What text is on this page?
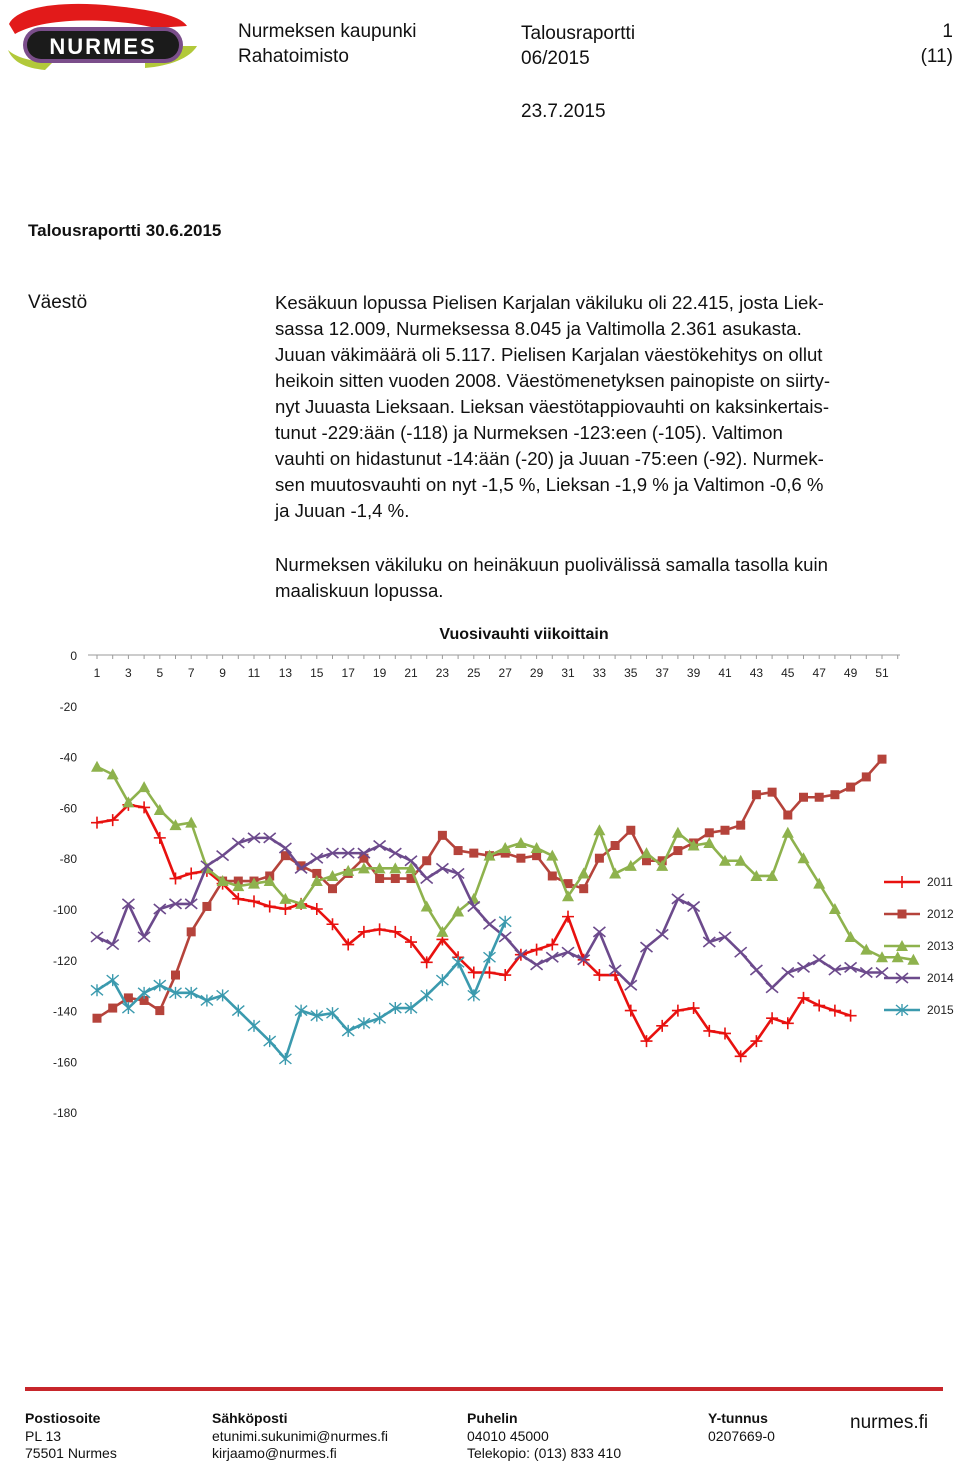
NURMES
Nurmeksen kaupunki
Rahatoimisto
Talousraportti
06/2015
23.7.2015
1
(11)
Talousraportti 30.6.2015
Väestö	Kesäkuun lopussa Pielisen Karjalan väkiluku oli 22.415, josta Liek-
sassa 12.009, Nurmeksessa 8.045 ja Valtimolla 2.361 asukasta.
Juuan väkimäärä oli 5.117. Pielisen Karjalan väestökehitys on ollut
heikoin sitten vuoden 2008. Väestömenetyksen painopiste on siirty-
nyt Juuasta Lieksaan. Lieksan väestötappiovauhti on kaksinkertais-
tunut -229:ään (-118) ja Nurmeksen -123:een (-105). Valtimon
vauhti on hidastunut -14:ään (-20) ja Juuan -75:een (-92). Nurmek-
sen muutosvauhti on nyt -1,5 %, Lieksan -1,9 % ja Valtimon -0,6 %
ja Juuan -1,4 %.
Nurmeksen väkiluku on heinäkuun puolivälissä samalla tasolla kuin
maaliskuun lopussa.
Vuosivauhti viikoittain
0
-20
-40
-60
-80
-100
-120
-140
-160
-180
1 3 5 7 9 11 13 15 17 19 21 23 25 27 29 31 33 35 37 39 41 43 45 47 49 51
2011
2012
2013
2014
2015
Postiosoite
PL 13
75501 Nurmes
Sähköposti
etunimi.sukunimi@nurmes.fi
kirjaamo@nurmes.fi
Puhelin
04010 45000
Telekopio: (013) 833 410
Y-tunnus
0207669-0
nurmes.fi
